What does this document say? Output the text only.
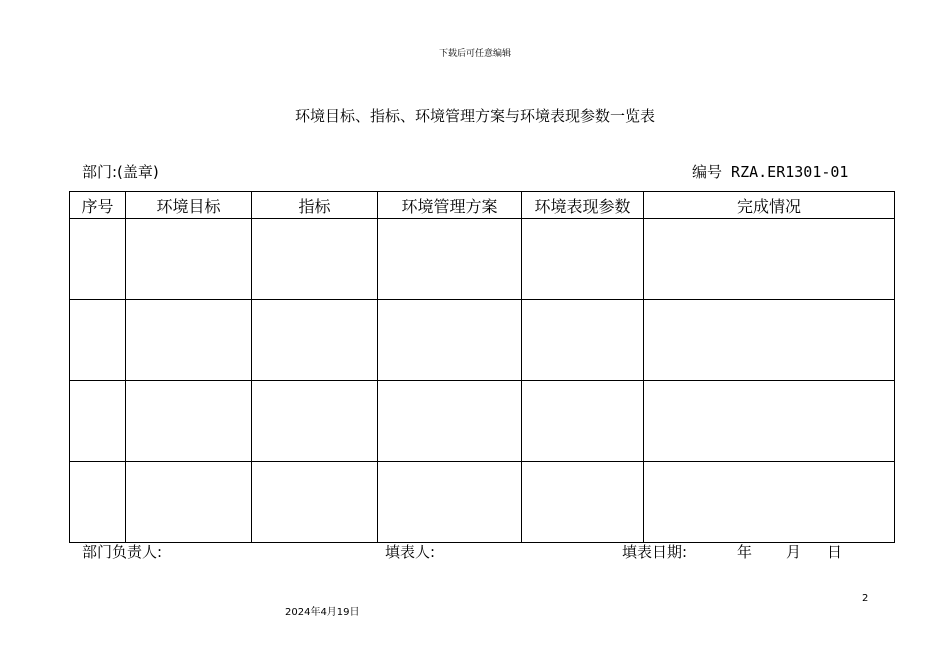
下载后可任意编辑
环境目标、指标、环境管理方案与环境表现参数一览表
部门:(盖章)	编号 RZA.ER1301-01
序号	环境目标	指标	环境管理方案	环境表现参数	完成情况

部门负责人:	填表人:	填表日期:	年 月 日
2
2024年4月19日
